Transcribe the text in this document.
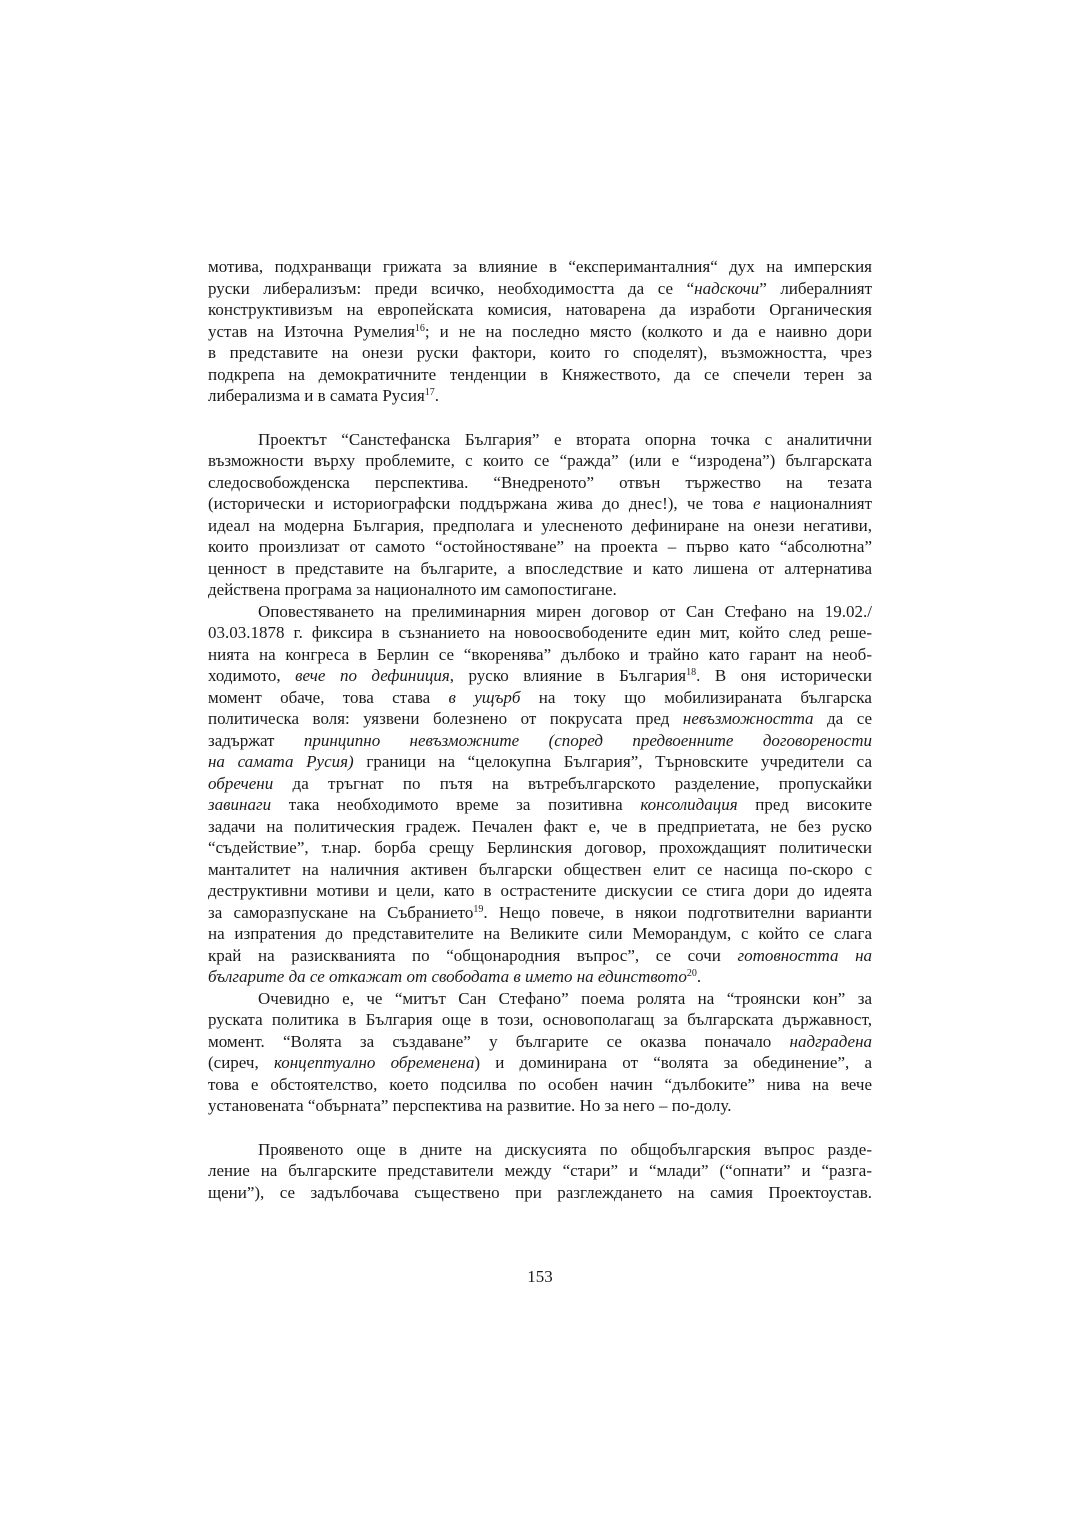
мотива, подхранващи грижата за влияние в “експериманталния“ дух на имперския
руски либерализъм: преди всичко, необходимостта да се “надскочи” либералният
конструктивизъм на европейската комисия, натоварена да изработи Органическия
устав на Източна Румелия$^{16}$; и не на последно място (колкото и да е наивно дори
в представите на онези руски фактори, които го споделят), възможността, чрез
подкрепа на демократичните тенденции в Княжеството, да се спечели терен за
либерализма и в самата Русия$^{17}$.
Проектът “Санстефанска България” е втората опорна точка с аналитични
възможности върху проблемите, с които се “ражда” (или е “изродена”) българската
следосвобожденска перспектива. “Внедреното” отвън тържество на тезата
(исторически и историографски поддържана жива до днес!), че това е националният
идеал на модерна България, предполага и улесненото дефиниране на онези негативи,
които произлизат от самото “остойностяване” на проекта – първо като “абсолютна”
ценност в представите на българите, а впоследствие и като лишена от алтернатива
действена програма за националното им самопостигане.
Оповестяването на прелиминарния мирен договор от Сан Стефано на 19.02./
03.03.1878 г. фиксира в съзнанието на новоосвободените един мит, който след реше-
нията на конгреса в Берлин се “вкоренява” дълбоко и трайно като гарант на необ-
ходимото, вече по дефиниция, руско влияние в България$^{18}$. В оня исторически
момент обаче, това става в ущърб на току що мобилизираната българска
политическа воля: уязвени болезнено от покрусата пред невъзможността да се
задържат принципно невъзможните (според предвоенните договорености
на самата Русия) граници на “целокупна България”, Търновските учредители са
обречени да тръгнат по пътя на вътребългарското разделение, пропускайки
завинаги така необходимото време за позитивна консолидация пред високите
задачи на политическия градеж. Печален факт е, че в предприетата, не без руско
“съдействие”, т.нар. борба срещу Берлинския договор, прохождащият политически
манталитет на наличния активен български обществен елит се насища по-скоро с
деструктивни мотиви и цели, като в острастените дискусии се стига дори до идеята
за саморазпускане на Събранието$^{19}$. Нещо повече, в някои подготвителни варианти
на изпратения до представителите на Великите сили Меморандум, с който се слага
край на разискванията по “общонародния въпрос”, се сочи готовността на
българите да се откажат от свободата в името на единството$^{20}$.
Очевидно е, че “митът Сан Стефано” поема ролята на “троянски кон” за
руската политика в България още в този, основополагащ за българската държавност,
момент. “Волята за създаване” у българите се оказва поначало надградена
(сиреч, концептуално обременена) и доминирана от “волята за обединение”, а
това е обстоятелство, което подсилва по особен начин “дълбоките” нива на вече
установената “обърната” перспектива на развитие. Но за него – по-долу.
Проявеното още в дните на дискусията по общобългарския въпрос разде-
ление на българските представители между “стари” и “млади” (“опнати” и “разга-
щени”), се задълбочава съществено при разглеждането на самия Проектоустав.
153
